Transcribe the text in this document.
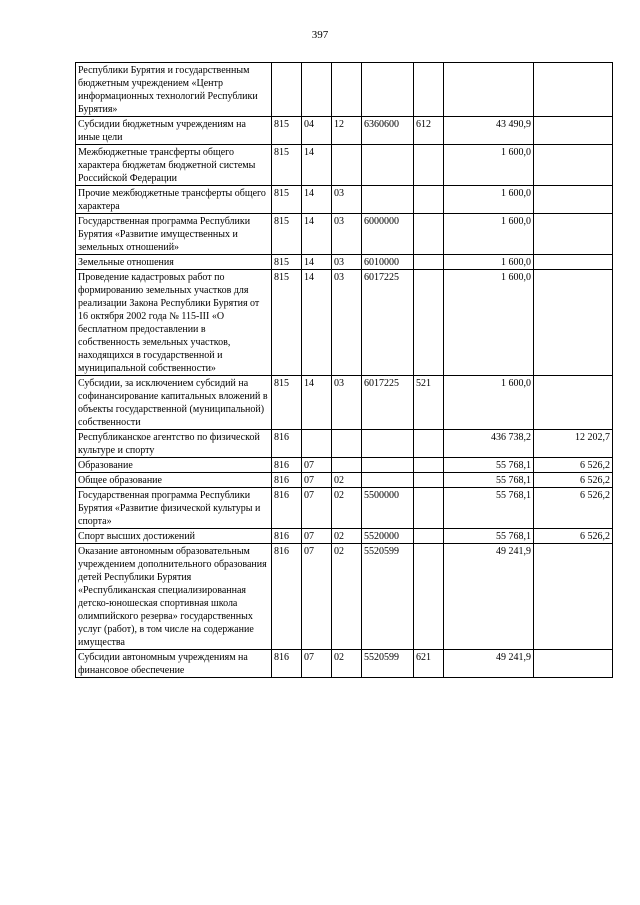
397
Республики Бурятия и государственным бюджетным учреждением «Центр информационных технологий Республики Бурятия»							
Субсидии бюджетным учреждениям на иные цели	815	04	12	6360600	612	43 490,9	
Межбюджетные трансферты общего характера бюджетам бюджетной системы Российской Федерации	815	14				1 600,0	
Прочие межбюджетные трансферты общего характера	815	14	03			1 600,0	
Государственная программа Республики Бурятия «Развитие имущественных и земельных отношений»	815	14	03	6000000		1 600,0	
Земельные отношения	815	14	03	6010000		1 600,0	
Проведение кадастровых работ по формированию земельных участков для реализации Закона Республики Бурятия от 16 октября 2002 года № 115-III «О бесплатном предоставлении в собственность земельных участков, находящихся в государственной и муниципальной собственности»	815	14	03	6017225		1 600,0	
Субсидии, за исключением субсидий на софинансирование капитальных вложений в объекты государственной (муниципальной) собственности	815	14	03	6017225	521	1 600,0	
Республиканское агентство по физической культуре и спорту	816					436 738,2	12 202,7
Образование	816	07				55 768,1	6 526,2
Общее образование	816	07	02			55 768,1	6 526,2
Государственная программа Республики Бурятия «Развитие физической культуры и спорта»	816	07	02	5500000		55 768,1	6 526,2
Спорт высших достижений	816	07	02	5520000		55 768,1	6 526,2
Оказание автономным образовательным учреждением дополнительного образования детей Республики Бурятия «Республиканская специализированная детско-юношеская спортивная школа олимпийского резерва» государственных услуг (работ), в том числе на содержание имущества	816	07	02	5520599		49 241,9	
Субсидии автономным учреждениям на финансовое обеспечение	816	07	02	5520599	621	49 241,9	
